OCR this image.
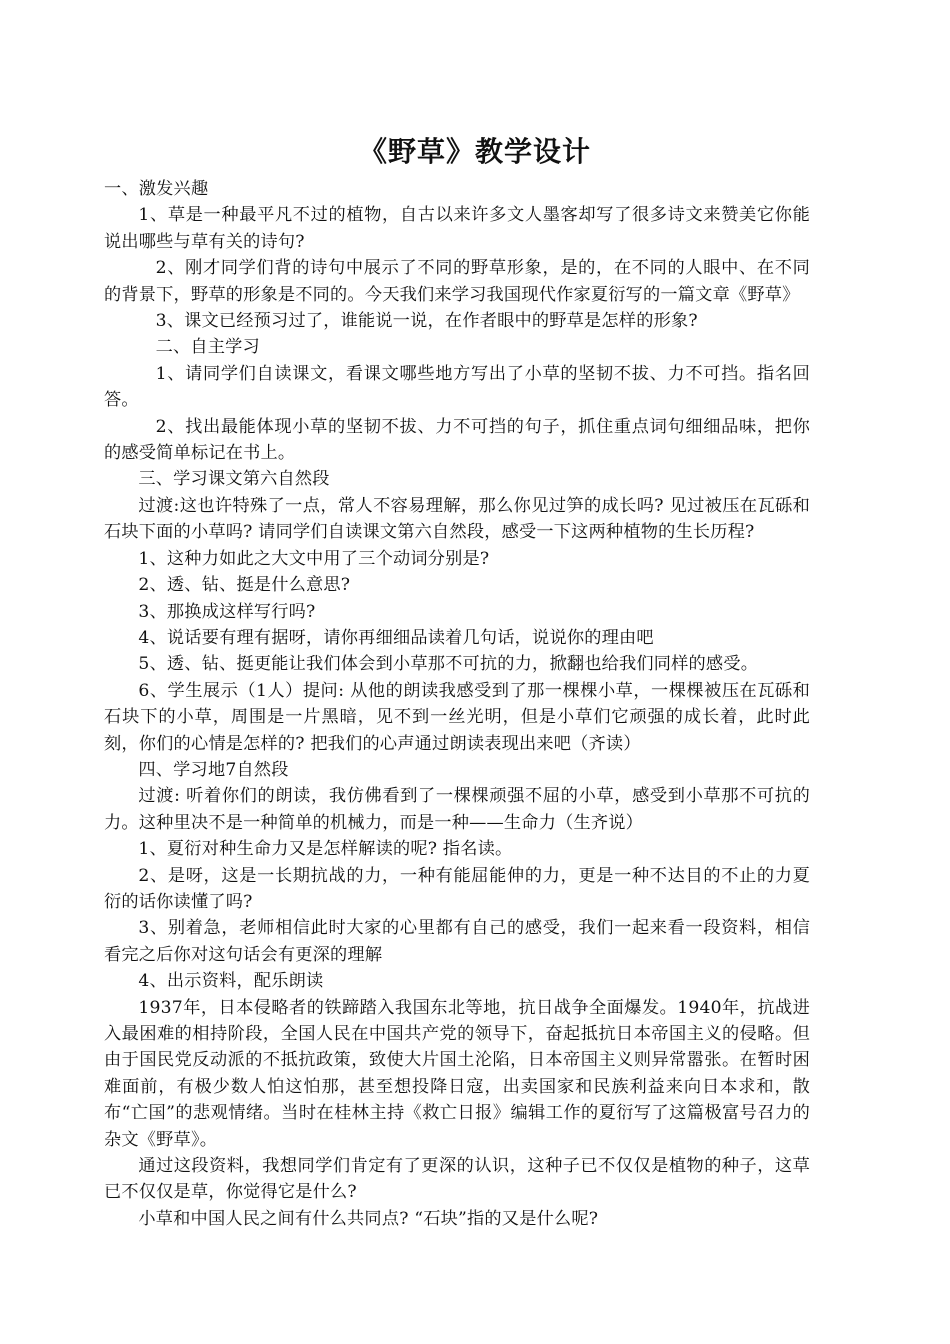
《野草》教学设计

一、激发兴趣

1、草是一种最平凡不过的植物，自古以来许多文人墨客却写了很多诗文来赞美它你能说出哪些与草有关的诗句?

2、刚才同学们背的诗句中展示了不同的野草形象，是的，在不同的人眼中、在不同的背景下，野草的形象是不同的。今天我们来学习我国现代作家夏衍写的一篇文章《野草》

3、课文已经预习过了，谁能说一说，在作者眼中的野草是怎样的形象?

二、自主学习

1、请同学们自读课文，看课文哪些地方写出了小草的坚韧不拔、力不可挡。指名回答。

2、找出最能体现小草的坚韧不拔、力不可挡的句子，抓住重点词句细细品味，把你的感受简单标记在书上。

三、学习课文第六自然段

过渡:这也许特殊了一点，常人不容易理解，那么你见过笋的成长吗? 见过被压在瓦砾和石块下面的小草吗? 请同学们自读课文第六自然段，感受一下这两种植物的生长历程?

1、这种力如此之大文中用了三个动词分别是?

2、透、钻、挺是什么意思?

3、那换成这样写行吗?

4、说话要有理有据呀，请你再细细品读着几句话，说说你的理由吧

5、透、钻、挺更能让我们体会到小草那不可抗的力，掀翻也给我们同样的感受。

6、学生展示（1人）提问: 从他的朗读我感受到了那一棵棵小草，一棵棵被压在瓦砾和石块下的小草，周围是一片黑暗，见不到一丝光明，但是小草们它顽强的成长着，此时此刻，你们的心情是怎样的? 把我们的心声通过朗读表现出来吧（齐读）

四、学习地7自然段

过渡: 听着你们的朗读，我仿佛看到了一棵棵顽强不屈的小草，感受到小草那不可抗的力。这种里决不是一种简单的机械力，而是一种——生命力（生齐说）

1、夏衍对种生命力又是怎样解读的呢? 指名读。

2、是呀，这是一长期抗战的力，一种有能屈能伸的力，更是一种不达目的不止的力夏衍的话你读懂了吗?

3、别着急，老师相信此时大家的心里都有自己的感受，我们一起来看一段资料，相信看完之后你对这句话会有更深的理解

4、出示资料，配乐朗读

1937年，日本侵略者的铁蹄踏入我国东北等地，抗日战争全面爆发。1940年，抗战进入最困难的相持阶段，全国人民在中国共产党的领导下，奋起抵抗日本帝国主义的侵略。但由于国民党反动派的不抵抗政策，致使大片国土沦陷，日本帝国主义则异常嚣张。在暂时困难面前，有极少数人怕这怕那，甚至想投降日寇，出卖国家和民族利益来向日本求和，散布“亡国”的悲观情绪。当时在桂林主持《救亡日报》编辑工作的夏衍写了这篇极富号召力的杂文《野草》。

通过这段资料，我想同学们肯定有了更深的认识，这种子已不仅仅是植物的种子，这草已不仅仅是草，你觉得它是什么?

小草和中国人民之间有什么共同点? “石块”指的又是什么呢?
